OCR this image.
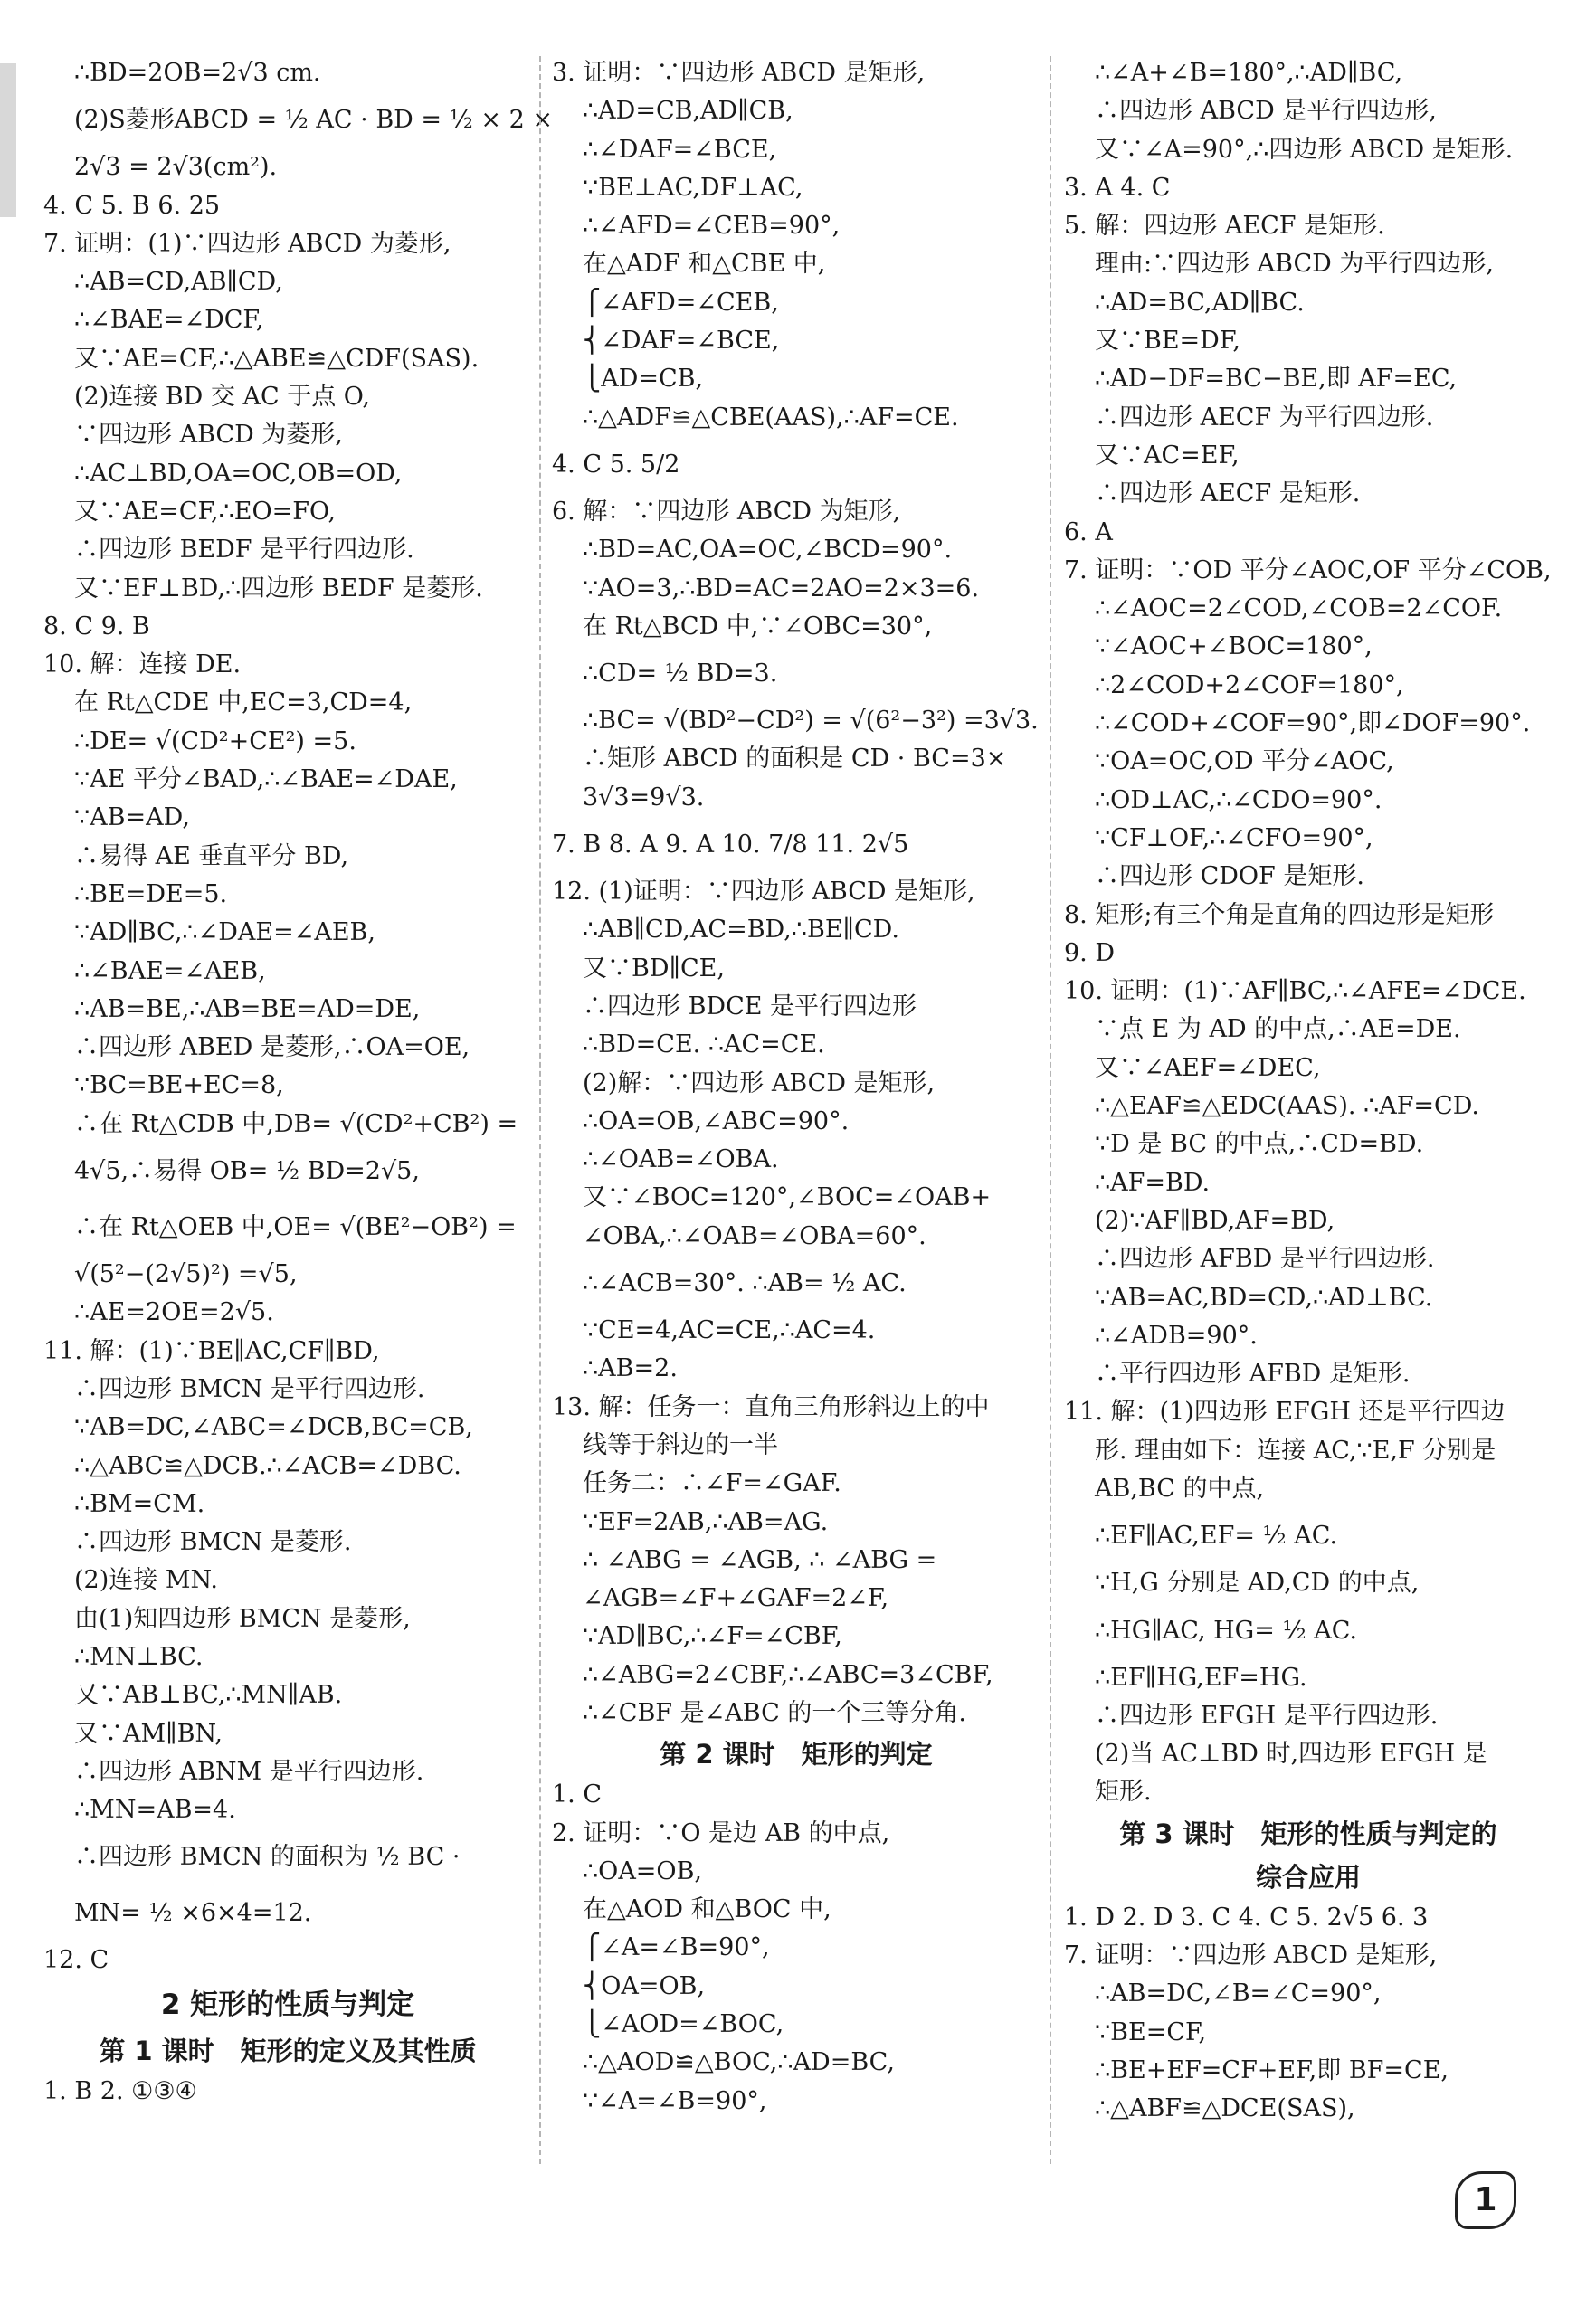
∴BD=2OB=2√3 cm.
(2)S菱形ABCD = ½ AC · BD = ½ × 2 ×
2√3 = 2√3(cm²).
4. C 5. B 6. 25
7. 证明：(1)∵四边形 ABCD 为菱形,
∴AB=CD,AB∥CD,
∴∠BAE=∠DCF,
又∵AE=CF,∴△ABE≌△CDF(SAS).
(2)连接 BD 交 AC 于点 O,
∵四边形 ABCD 为菱形,
∴AC⊥BD,OA=OC,OB=OD,
又∵AE=CF,∴EO=FO,
∴四边形 BEDF 是平行四边形.
又∵EF⊥BD,∴四边形 BEDF 是菱形.
8. C 9. B
10. 解：连接 DE.
在 Rt△CDE 中,EC=3,CD=4,
∴DE= √(CD²+CE²) =5.
∵AE 平分∠BAD,∴∠BAE=∠DAE,
∵AB=AD,
∴易得 AE 垂直平分 BD,
∴BE=DE=5.
∵AD∥BC,∴∠DAE=∠AEB,
∴∠BAE=∠AEB,
∴AB=BE,∴AB=BE=AD=DE,
∴四边形 ABED 是菱形,∴OA=OE,
∵BC=BE+EC=8,
∴在 Rt△CDB 中,DB= √(CD²+CB²) =
4√5,∴易得 OB= ½ BD=2√5,
∴在 Rt△OEB 中,OE= √(BE²−OB²) =
√(5²−(2√5)²) =√5,
∴AE=2OE=2√5.
11. 解：(1)∵BE∥AC,CF∥BD,
∴四边形 BMCN 是平行四边形.
∵AB=DC,∠ABC=∠DCB,BC=CB,
∴△ABC≌△DCB.∴∠ACB=∠DBC.
∴BM=CM.
∴四边形 BMCN 是菱形.
(2)连接 MN.
由(1)知四边形 BMCN 是菱形,
∴MN⊥BC.
又∵AB⊥BC,∴MN∥AB.
又∵AM∥BN,
∴四边形 ABNM 是平行四边形.
∴MN=AB=4.
∴四边形 BMCN 的面积为 ½ BC ·
MN= ½ ×6×4=12.
12. C
2 矩形的性质与判定
第 1 课时　矩形的定义及其性质
1. B 2. ①③④
3. 证明：∵四边形 ABCD 是矩形,
∴AD=CB,AD∥CB,
∴∠DAF=∠BCE,
∵BE⊥AC,DF⊥AC,
∴∠AFD=∠CEB=90°,
在△ADF 和△CBE 中,
⎧∠AFD=∠CEB,
⎨∠DAF=∠BCE,
⎩AD=CB,
∴△ADF≌△CBE(AAS),∴AF=CE.
4. C 5. 5/2
6. 解：∵四边形 ABCD 为矩形,
∴BD=AC,OA=OC,∠BCD=90°.
∵AO=3,∴BD=AC=2AO=2×3=6.
在 Rt△BCD 中,∵∠OBC=30°,
∴CD= ½ BD=3.
∴BC= √(BD²−CD²) = √(6²−3²) =3√3.
∴矩形 ABCD 的面积是 CD · BC=3×
3√3=9√3.
7. B 8. A 9. A 10. 7/8 11. 2√5
12. (1)证明：∵四边形 ABCD 是矩形,
∴AB∥CD,AC=BD,∴BE∥CD.
又∵BD∥CE,
∴四边形 BDCE 是平行四边形
∴BD=CE. ∴AC=CE.
(2)解：∵四边形 ABCD 是矩形,
∴OA=OB,∠ABC=90°.
∴∠OAB=∠OBA.
又∵∠BOC=120°,∠BOC=∠OAB+
∠OBA,∴∠OAB=∠OBA=60°.
∴∠ACB=30°. ∴AB= ½ AC.
∵CE=4,AC=CE,∴AC=4.
∴AB=2.
13. 解：任务一：直角三角形斜边上的中
线等于斜边的一半
任务二：∴∠F=∠GAF.
∵EF=2AB,∴AB=AG.
∴ ∠ABG = ∠AGB, ∴ ∠ABG =
∠AGB=∠F+∠GAF=2∠F,
∵AD∥BC,∴∠F=∠CBF,
∴∠ABG=2∠CBF,∴∠ABC=3∠CBF,
∴∠CBF 是∠ABC 的一个三等分角.
第 2 课时　矩形的判定
1. C
2. 证明：∵O 是边 AB 的中点,
∴OA=OB,
在△AOD 和△BOC 中,
⎧∠A=∠B=90°,
⎨OA=OB,
⎩∠AOD=∠BOC,
∴△AOD≌△BOC,∴AD=BC,
∵∠A=∠B=90°,
∴∠A+∠B=180°,∴AD∥BC,
∴四边形 ABCD 是平行四边形,
又∵∠A=90°,∴四边形 ABCD 是矩形.
3. A 4. C
5. 解：四边形 AECF 是矩形.
理由:∵四边形 ABCD 为平行四边形,
∴AD=BC,AD∥BC.
又∵BE=DF,
∴AD−DF=BC−BE,即 AF=EC,
∴四边形 AECF 为平行四边形.
又∵AC=EF,
∴四边形 AECF 是矩形.
6. A
7. 证明：∵OD 平分∠AOC,OF 平分∠COB,
∴∠AOC=2∠COD,∠COB=2∠COF.
∵∠AOC+∠BOC=180°,
∴2∠COD+2∠COF=180°,
∴∠COD+∠COF=90°,即∠DOF=90°.
∵OA=OC,OD 平分∠AOC,
∴OD⊥AC,∴∠CDO=90°.
∵CF⊥OF,∴∠CFO=90°,
∴四边形 CDOF 是矩形.
8. 矩形;有三个角是直角的四边形是矩形
9. D
10. 证明：(1)∵AF∥BC,∴∠AFE=∠DCE.
∵点 E 为 AD 的中点,∴AE=DE.
又∵∠AEF=∠DEC,
∴△EAF≌△EDC(AAS). ∴AF=CD.
∵D 是 BC 的中点,∴CD=BD.
∴AF=BD.
(2)∵AF∥BD,AF=BD,
∴四边形 AFBD 是平行四边形.
∵AB=AC,BD=CD,∴AD⊥BC.
∴∠ADB=90°.
∴平行四边形 AFBD 是矩形.
11. 解：(1)四边形 EFGH 还是平行四边
形. 理由如下：连接 AC,∵E,F 分别是
AB,BC 的中点,
∴EF∥AC,EF= ½ AC.
∵H,G 分别是 AD,CD 的中点,
∴HG∥AC, HG= ½ AC.
∴EF∥HG,EF=HG.
∴四边形 EFGH 是平行四边形.
(2)当 AC⊥BD 时,四边形 EFGH 是
矩形.
第 3 课时　矩形的性质与判定的
综合应用
1. D 2. D 3. C 4. C 5. 2√5 6. 3
7. 证明：∵四边形 ABCD 是矩形,
∴AB=DC,∠B=∠C=90°,
∵BE=CF,
∴BE+EF=CF+EF,即 BF=CE,
∴△ABF≌△DCE(SAS),
1
